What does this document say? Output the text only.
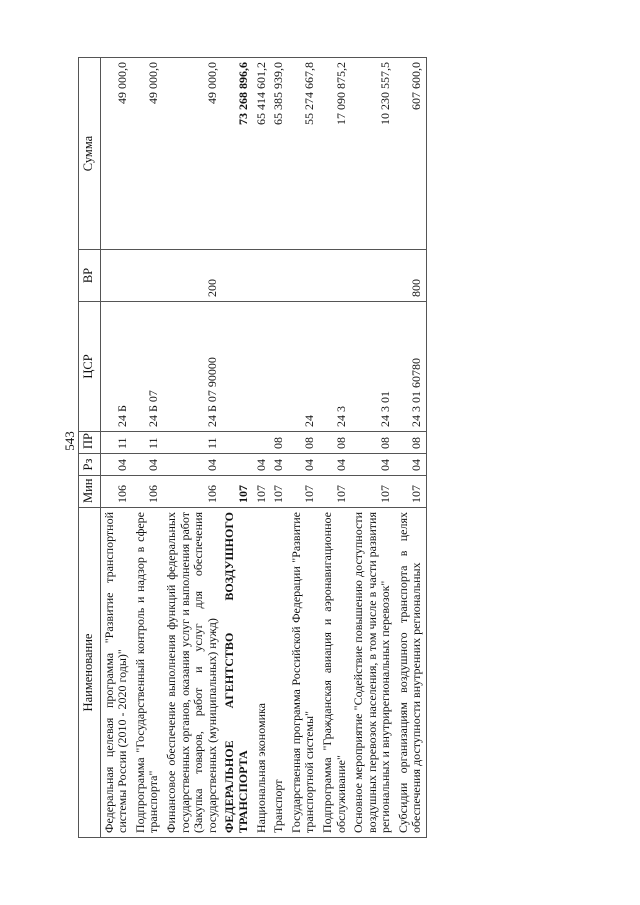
543
Наименование	Мин	Рз	ПР	ЦСР	ВР	Сумма
Федеральная целевая программа "Развитие транспортной системы России (2010 - 2020 годы)"	106	04	11	24 Б		49 000,0
Подпрограмма "Государственный контроль и надзор в сфере транспорта"	106	04	11	24 Б 07		49 000,0
Финансовое обеспечение выполнения функций федеральных государственных органов, оказания услуг и выполнения работ (Закупка товаров, работ и услуг для обеспечения государственных (муниципальных) нужд)	106	04	11	24 Б 07 90000	200	49 000,0
ФЕДЕРАЛЬНОЕ АГЕНТСТВО ВОЗДУШНОГО ТРАНСПОРТА	107					73 268 896,6
Национальная экономика	107	04				65 414 601,2
Транспорт	107	04	08			65 385 939,0
Государственная программа Российской Федерации "Развитие транспортной системы"	107	04	08	24		55 274 667,8
Подпрограмма "Гражданская авиация и аэронавигационное обслуживание"	107	04	08	24 3		17 090 875,2
Основное мероприятие "Содействие повышению доступности воздушных перевозок населения, в том числе в части развития региональных и внутрирегиональных перевозок"	107	04	08	24 3 01		10 230 557,5
Субсидии организациям воздушного транспорта в целях обеспечения доступности внутренних региональных	107	04	08	24 3 01 60780	800	607 600,0
